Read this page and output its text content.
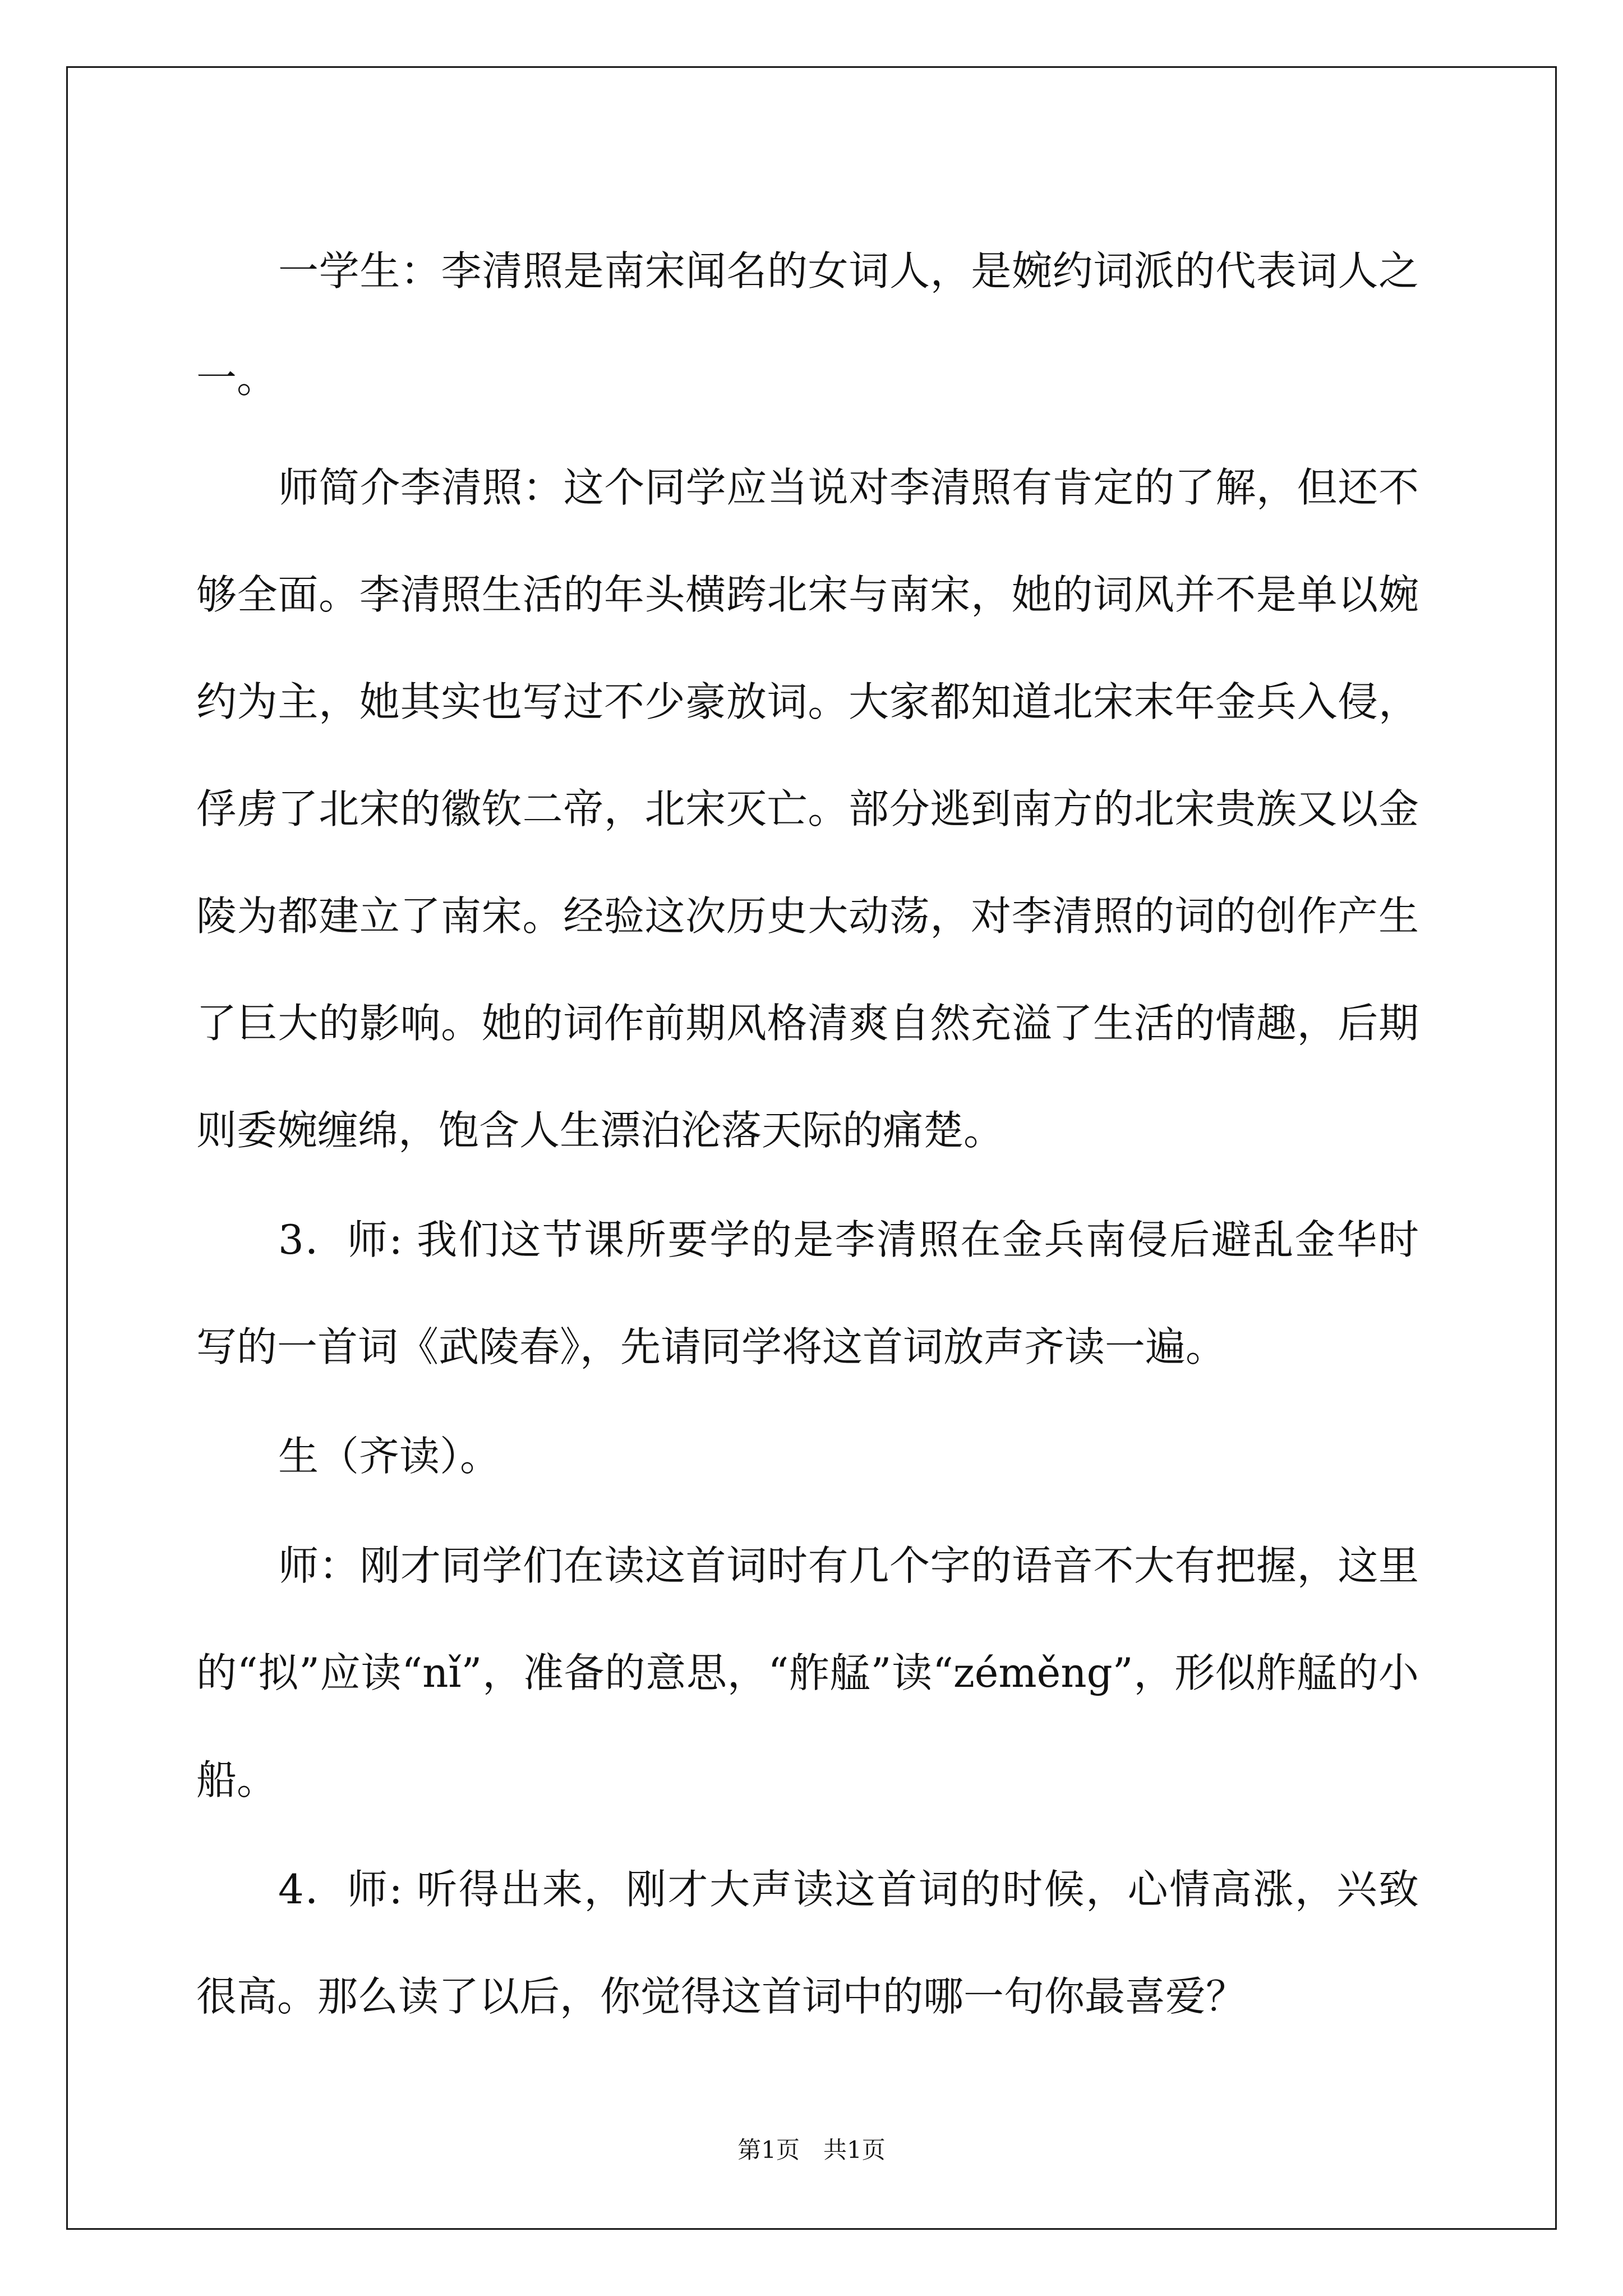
一学生：李清照是南宋闻名的女词人，是婉约词派的代表词人之一。

师简介李清照：这个同学应当说对李清照有肯定的了解，但还不够全面。李清照生活的年头横跨北宋与南宋，她的词风并不是单以婉约为主，她其实也写过不少豪放词。大家都知道北宋末年金兵入侵，俘虏了北宋的徽钦二帝，北宋灭亡。部分逃到南方的北宋贵族又以金陵为都建立了南宋。经验这次历史大动荡，对李清照的词的创作产生了巨大的影响。她的词作前期风格清爽自然充溢了生活的情趣，后期则委婉缠绵，饱含人生漂泊沦落天际的痛楚。

3．师: 我们这节课所要学的是李清照在金兵南侵后避乱金华时写的一首词《武陵春》，先请同学将这首词放声齐读一遍。

生（齐读）。

师：刚才同学们在读这首词时有几个字的语音不大有把握，这里的“拟”应读“nǐ”，准备的意思，“舴艋”读“zéměng”，形似舴艋的小船。

4．师: 听得出来，刚才大声读这首词的时候，心情高涨，兴致很高。那么读了以后，你觉得这首词中的哪一句你最喜爱？

第1页　共1页
